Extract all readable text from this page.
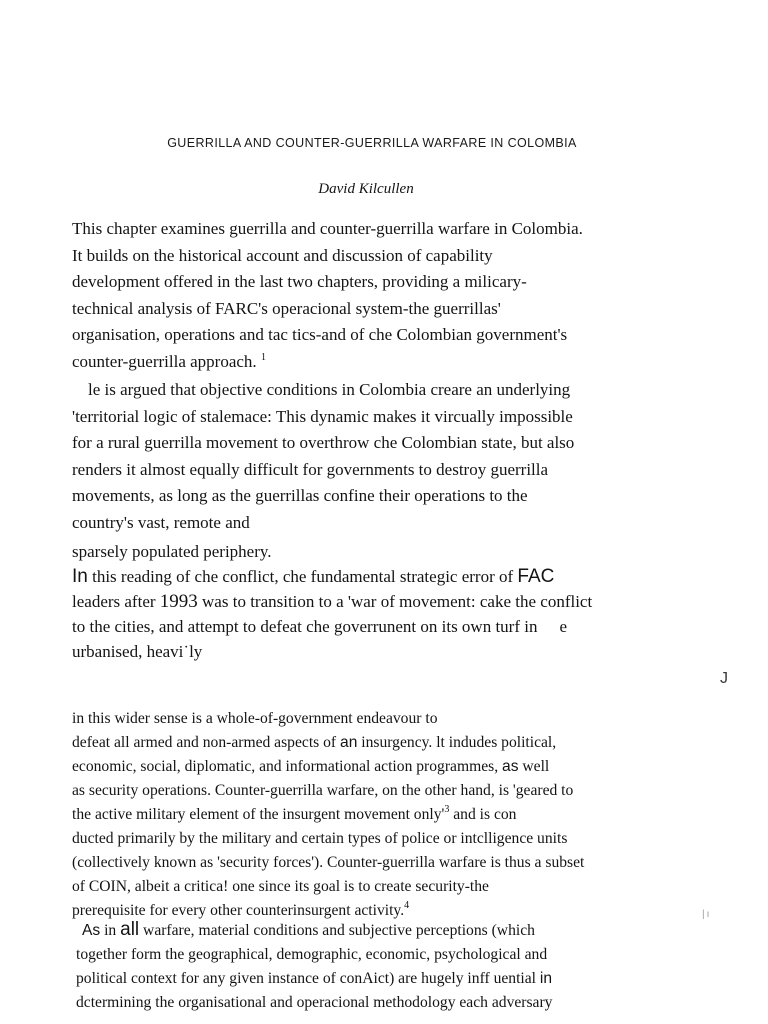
GUERRILLA AND COUNTER-GUERRILLA WARFARE IN COLOMBIA
David Kilcullen

This chapter examines guerrilla and counter-guerrilla warfare in Colombia.
It builds on the historical account and discussion of capability
development offered in the last two chapters, providing a milicary-
technical analysis of FARC's operacional system-the guerrillas'
organisation, operations and tac tics-and of che Colombian government's
counter-guerrilla approach. $^1$

le is argued that objective conditions in Colombia creare an underlying
'territorial logic of stalemace: This dynamic makes it vircually impossible
for a rural guerrilla movement to overthrow che Colombian state, but also
renders it almost equally difficult for governments to destroy guerrilla
movements, as long as the guerrillas confine their operations to the
country's vast, remote and

sparsely populated periphery.
In this reading of che conflict, che fundamental strategic error of FAC
leaders after 1993 was to transition to a 'war of movement: cake the conflict
to the cities, and attempt to defeat che goverrunent on its own turf in e
urbanised, heavi˙ly

J

in this wider sense is a whole-of-government endeavour to
defeat all armed and non-armed aspects of an insurgency. lt indudes political,
economic, social, diplomatic, and informational action programmes, as well
as security operations. Counter-guerrilla warfare, on the other hand, is 'geared to
the active military element of the insurgent movement $only'^3$ and is con
ducted primarily by the military and certain types of police or intclligence units
(collectively known as 'security forces'). Counter-guerrilla warfare is thus a subset
of COIN, albeit a critica! one since its goal is to create security-the
prerequisite for every other counterinsurgent activity.$^4$

| ı

As in all warfare, material conditions and subjective perceptions (which
together form the geographical, demographic, economic, psychological and
political context for any given instance of conAict) are hugely inff uential in
dctermining the organisational and operacional methodology each adversary
